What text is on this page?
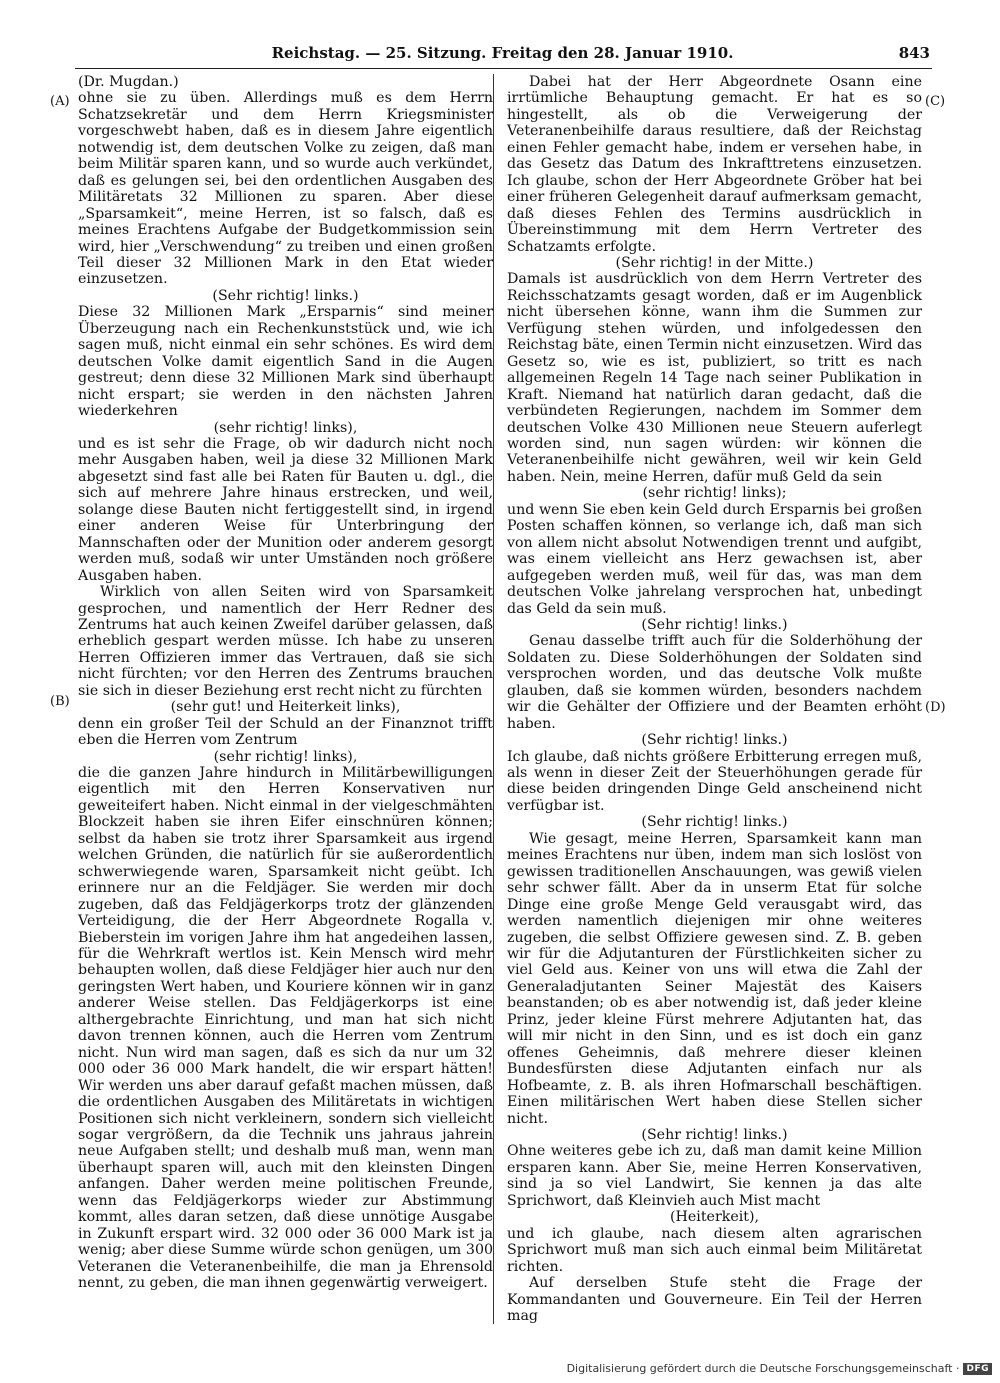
Reichstag. — 25. Sitzung. Freitag den 28. Januar 1910.	843
(A)
(B)
(C)
(D)

(Dr. Mugdan.)

ohne sie zu üben. Allerdings muß es dem Herrn Schatzsekretär und dem Herrn Kriegsminister vorgeschwebt haben, daß es in diesem Jahre eigentlich notwendig ist, dem deutschen Volke zu zeigen, daß man beim Militär sparen kann, und so wurde auch verkündet, daß es gelungen sei, bei den ordentlichen Ausgaben des Militäretats 32 Millionen zu sparen. Aber diese „Sparsamkeit“, meine Herren, ist so falsch, daß es meines Erachtens Aufgabe der Budgetkommission sein wird, hier „Verschwendung“ zu treiben und einen großen Teil dieser 32 Millionen Mark in den Etat wieder einzusetzen.

(Sehr richtig! links.)

Diese 32 Millionen Mark „Ersparnis“ sind meiner Überzeugung nach ein Rechenkunststück und, wie ich sagen muß, nicht einmal ein sehr schönes. Es wird dem deutschen Volke damit eigentlich Sand in die Augen gestreut; denn diese 32 Millionen Mark sind überhaupt nicht erspart; sie werden in den nächsten Jahren wiederkehren

(sehr richtig! links),

und es ist sehr die Frage, ob wir dadurch nicht noch mehr Ausgaben haben, weil ja diese 32 Millionen Mark abgesetzt sind fast alle bei Raten für Bauten u. dgl., die sich auf mehrere Jahre hinaus erstrecken, und weil, solange diese Bauten nicht fertiggestellt sind, in irgend einer anderen Weise für Unterbringung der Mannschaften oder der Munition oder anderem gesorgt werden muß, sodaß wir unter Umständen noch größere Ausgaben haben.

Wirklich von allen Seiten wird von Sparsamkeit gesprochen, und namentlich der Herr Redner des Zentrums hat auch keinen Zweifel darüber gelassen, daß erheblich gespart werden müsse. Ich habe zu unseren Herren Offizieren immer das Vertrauen, daß sie sich nicht fürchten; vor den Herren des Zentrums brauchen sie sich in dieser Beziehung erst recht nicht zu fürchten

(sehr gut! und Heiterkeit links),

denn ein großer Teil der Schuld an der Finanznot trifft eben die Herren vom Zentrum

(sehr richtig! links),

die die ganzen Jahre hindurch in Militärbewilligungen eigentlich mit den Herren Konservativen nur geweiteifert haben. Nicht einmal in der vielgeschmähten Blockzeit haben sie ihren Eifer einschnüren können; selbst da haben sie trotz ihrer Sparsamkeit aus irgend welchen Gründen, die natürlich für sie außerordentlich schwerwiegende waren, Sparsamkeit nicht geübt. Ich erinnere nur an die Feldjäger. Sie werden mir doch zugeben, daß das Feldjägerkorps trotz der glänzenden Verteidigung, die der Herr Abgeordnete Rogalla v. Bieberstein im vorigen Jahre ihm hat angedeihen lassen, für die Wehrkraft wertlos ist. Kein Mensch wird mehr behaupten wollen, daß diese Feldjäger hier auch nur den geringsten Wert haben, und Kouriere können wir in ganz anderer Weise stellen. Das Feldjägerkorps ist eine althergebrachte Einrichtung, und man hat sich nicht davon trennen können, auch die Herren vom Zentrum nicht. Nun wird man sagen, daß es sich da nur um 32 000 oder 36 000 Mark handelt, die wir erspart hätten! Wir werden uns aber darauf gefaßt machen müssen, daß die ordentlichen Ausgaben des Militäretats in wichtigen Positionen sich nicht verkleinern, sondern sich vielleicht sogar vergrößern, da die Technik uns jahraus jahrein neue Aufgaben stellt; und deshalb muß man, wenn man überhaupt sparen will, auch mit den kleinsten Dingen anfangen. Daher werden meine politischen Freunde, wenn das Feldjägerkorps wieder zur Abstimmung kommt, alles daran setzen, daß diese unnötige Ausgabe in Zukunft erspart wird. 32 000 oder 36 000 Mark ist ja wenig; aber diese Summe würde schon genügen, um 300 Veteranen die Veteranenbeihilfe, die man ja Ehrensold nennt, zu geben, die man ihnen gegenwärtig verweigert.

Dabei hat der Herr Abgeordnete Osann eine irrtümliche Behauptung gemacht. Er hat es so hingestellt, als ob die Verweigerung der Veteranenbeihilfe daraus resultiere, daß der Reichstag einen Fehler gemacht habe, indem er versehen habe, in das Gesetz das Datum des Inkrafttretens einzusetzen. Ich glaube, schon der Herr Abgeordnete Gröber hat bei einer früheren Gelegenheit darauf aufmerksam gemacht, daß dieses Fehlen des Termins ausdrücklich in Übereinstimmung mit dem Herrn Vertreter des Schatzamts erfolgte.

(Sehr richtig! in der Mitte.)

Damals ist ausdrücklich von dem Herrn Vertreter des Reichsschatzamts gesagt worden, daß er im Augenblick nicht übersehen könne, wann ihm die Summen zur Verfügung stehen würden, und infolgedessen den Reichstag bäte, einen Termin nicht einzusetzen. Wird das Gesetz so, wie es ist, publiziert, so tritt es nach allgemeinen Regeln 14 Tage nach seiner Publikation in Kraft. Niemand hat natürlich daran gedacht, daß die verbündeten Regierungen, nachdem im Sommer dem deutschen Volke 430 Millionen neue Steuern auferlegt worden sind, nun sagen würden: wir können die Veteranenbeihilfe nicht gewähren, weil wir kein Geld haben. Nein, meine Herren, dafür muß Geld da sein

(sehr richtig! links);

und wenn Sie eben kein Geld durch Ersparnis bei großen Posten schaffen können, so verlange ich, daß man sich von allem nicht absolut Notwendigen trennt und aufgibt, was einem vielleicht ans Herz gewachsen ist, aber aufgegeben werden muß, weil für das, was man dem deutschen Volke jahrelang versprochen hat, unbedingt das Geld da sein muß.

(Sehr richtig! links.)

Genau dasselbe trifft auch für die Solderhöhung der Soldaten zu. Diese Solderhöhungen der Soldaten sind versprochen worden, und das deutsche Volk mußte glauben, daß sie kommen würden, besonders nachdem wir die Gehälter der Offiziere und der Beamten erhöht haben.

(Sehr richtig! links.)

Ich glaube, daß nichts größere Erbitterung erregen muß, als wenn in dieser Zeit der Steuerhöhungen gerade für diese beiden dringenden Dinge Geld anscheinend nicht verfügbar ist.

(Sehr richtig! links.)

Wie gesagt, meine Herren, Sparsamkeit kann man meines Erachtens nur üben, indem man sich loslöst von gewissen traditionellen Anschauungen, was gewiß vielen sehr schwer fällt. Aber da in unserm Etat für solche Dinge eine große Menge Geld verausgabt wird, das werden namentlich diejenigen mir ohne weiteres zugeben, die selbst Offiziere gewesen sind. Z. B. geben wir für die Adjutanturen der Fürstlichkeiten sicher zu viel Geld aus. Keiner von uns will etwa die Zahl der Generaladjutanten Seiner Majestät des Kaisers beanstanden; ob es aber notwendig ist, daß jeder kleine Prinz, jeder kleine Fürst mehrere Adjutanten hat, das will mir nicht in den Sinn, und es ist doch ein ganz offenes Geheimnis, daß mehrere dieser kleinen Bundesfürsten diese Adjutanten einfach nur als Hofbeamte, z. B. als ihren Hofmarschall beschäftigen. Einen militärischen Wert haben diese Stellen sicher nicht.

(Sehr richtig! links.)

Ohne weiteres gebe ich zu, daß man damit keine Million ersparen kann. Aber Sie, meine Herren Konservativen, sind ja so viel Landwirt, Sie kennen ja das alte Sprichwort, daß Kleinvieh auch Mist macht

(Heiterkeit),

und ich glaube, nach diesem alten agrarischen Sprichwort muß man sich auch einmal beim Militäretat richten.

Auf derselben Stufe steht die Frage der Kommandanten und Gouverneure. Ein Teil der Herren mag

Digitalisierung gefördert durch die Deutsche Forschungsgemeinschaft · DFG
